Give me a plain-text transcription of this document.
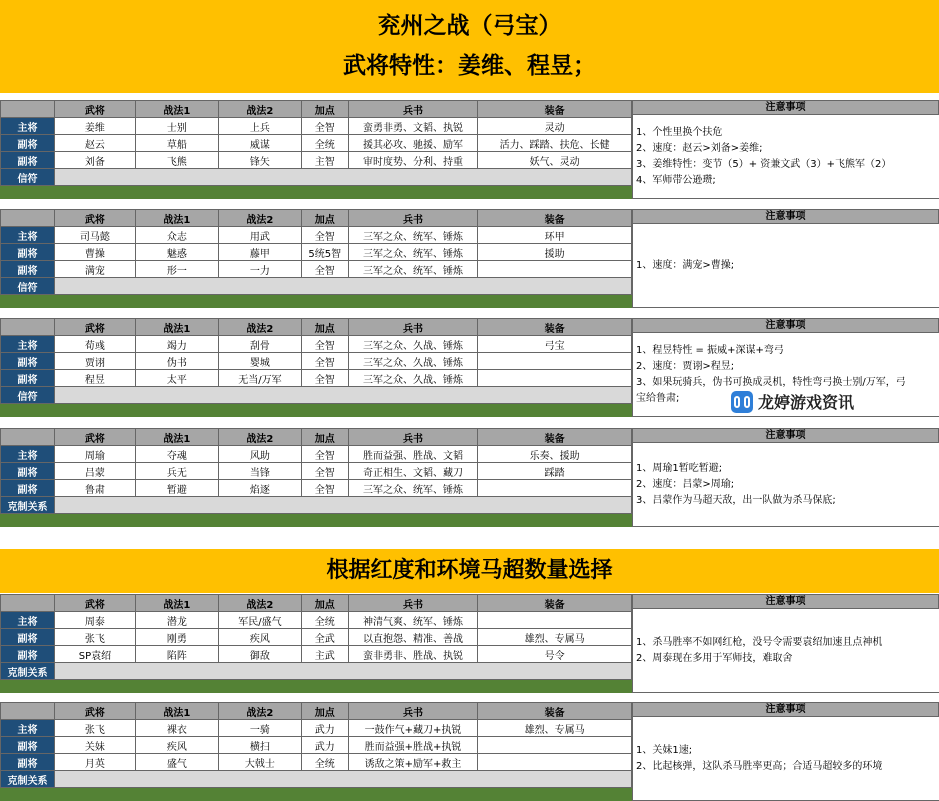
兖州之战（弓宝）
武将特性：姜维、程昱；
根据红度和环境马超数量选择
	武将	战法1	战法2	加点	兵书	装备
主将	姜维	士别	上兵	全智	蛮勇非勇、文韬、执锐	灵动
副将	赵云	草船	威谋	全统	援其必攻、驰援、励军	活力、踩踏、扶危、长健
副将	刘备	飞熊	锋矢	主智	审时度势、分利、持重	妖气、灵动
信符						
注意事项
1、个性里换个扶危
2、速度：赵云>刘备>姜维;
3、姜维特性：变节（5）+ 资兼文武（3）+飞熊军（2）
4、军师带公逊瓒;
	武将	战法1	战法2	加点	兵书	装备
主将	司马懿	众志	用武	全智	三军之众、统军、锤炼	环甲
副将	曹操	魅惑	藤甲	5统5智	三军之众、统军、锤炼	援助
副将	满宠	形一	一力	全智	三军之众、统军、锤炼	
信符						
注意事项
1、速度：满宠>曹操;
	武将	战法1	战法2	加点	兵书	装备
主将	荀彧	竭力	刮骨	全智	三军之众、久战、锤炼	弓宝
副将	贾诩	伪书	婴城	全智	三军之众、久战、锤炼	
副将	程昱	太平	无当/万军	全智	三军之众、久战、锤炼	
信符						
注意事项
1、程昱特性 = 振威+深谋+弯弓
2、速度：贾诩>程昱;
3、如果玩骑兵，伪书可换成灵机，特性弯弓换士别/万军，弓
宝给鲁肃;
	武将	战法1	战法2	加点	兵书	装备
主将	周瑜	夺魂	风助	全智	胜而益强、胜战、文韬	乐奏、援助
副将	吕蒙	兵无	当锋	全智	奇正相生、文韬、藏刀	踩踏
副将	鲁肃	暂避	焰逐	全智	三军之众、统军、锤炼	
克制关系						
注意事项
1、周瑜1暂吃暂避;
2、速度：吕蒙>周瑜;
3、吕蒙作为马超天敌，出一队做为杀马保底;
	武将	战法1	战法2	加点	兵书	装备
主将	周泰	潜龙	军民/盛气	全统	神清气爽、统军、锤炼	
副将	张飞	刚勇	疾风	全武	以直抱怨、精准、善战	雄烈、专属马
副将	SP袁绍	陷阵	御敌	主武	蛮非勇非、胜战、执锐	号令
克制关系						
注意事项
1、杀马胜率不如网红枪，没号令需要袁绍加速且点神机
2、周泰现在多用于军师技，难取舍
	武将	战法1	战法2	加点	兵书	装备
主将	张飞	裸衣	一骑	武力	一鼓作气+藏刀+执锐	雄烈、专属马
副将	关妹	疾风	横扫	武力	胜而益强+胜战+执锐	
副将	月英	盛气	大戟士	全统	诱敌之策+励军+救主	
克制关系						
注意事项
1、关妹1速;
2、比起核弹，这队杀马胜率更高；合适马超较多的环境
龙婷游戏资讯
